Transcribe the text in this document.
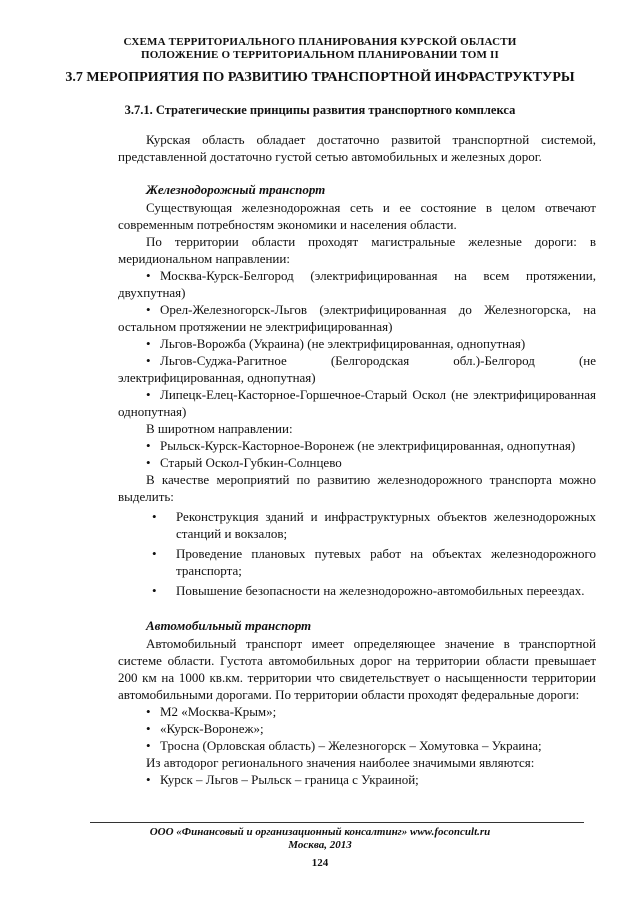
СХЕМА ТЕРРИТОРИАЛЬНОГО ПЛАНИРОВАНИЯ КУРСКОЙ ОБЛАСТИ
ПОЛОЖЕНИЕ О ТЕРРИТОРИАЛЬНОМ ПЛАНИРОВАНИИ ТОМ II
3.7 МЕРОПРИЯТИЯ ПО РАЗВИТИЮ ТРАНСПОРТНОЙ ИНФРАСТРУКТУРЫ
3.7.1. Стратегические принципы развития транспортного комплекса

Курская область обладает достаточно развитой транспортной системой, представленной достаточно густой сетью автомобильных и железных дорог.

Железнодорожный транспорт

Существующая железнодорожная сеть и ее состояние в целом отвечают современным потребностям экономики и населения области.

По территории области проходят магистральные железные дороги: в меридиональном направлении:

• Москва-Курск-Белгород (электрифицированная на всем протяжении, двухпутная)
• Орел-Железногорск-Льгов (электрифицированная до Железногорска, на остальном протяжении не электрифицированная)
• Льгов-Ворожба (Украина) (не электрифицированная, однопутная)
• Льгов-Суджа-Рагитное (Белгородская обл.)-Белгород (не электрифицированная, однопутная)
• Липецк-Елец-Касторное-Горшечное-Старый Оскол (не электрифицированная однопутная)

В широтном направлении:

• Рыльск-Курск-Касторное-Воронеж (не электрифицированная, однопутная)
• Старый Оскол-Губкин-Солнцево

В качестве мероприятий по развитию железнодорожного транспорта можно выделить:

• Реконструкция зданий и инфраструктурных объектов железнодорожных станций и вокзалов;
• Проведение плановых путевых работ на объектах железнодорожного транспорта;
• Повышение безопасности на железнодорожно-автомобильных переездах.
Автомобильный транспорт

Автомобильный транспорт имеет определяющее значение в транспортной системе области. Густота автомобильных дорог на территории области превышает 200 км на 1000 кв.км. территории что свидетельствует о насыщенности территории автомобильными дорогами. По территории области проходят федеральные дороги:

• М2 «Москва-Крым»;
• «Курск-Воронеж»;
• Тросна (Орловская область) – Железногорск – Хомутовка – Украина;

Из автодорог регионального значения наиболее значимыми являются:

• Курск – Льгов – Рыльск – граница с Украиной;
ООО «Финансовый и организационный консалтинг» www.foconcult.ru
Москва, 2013
124
